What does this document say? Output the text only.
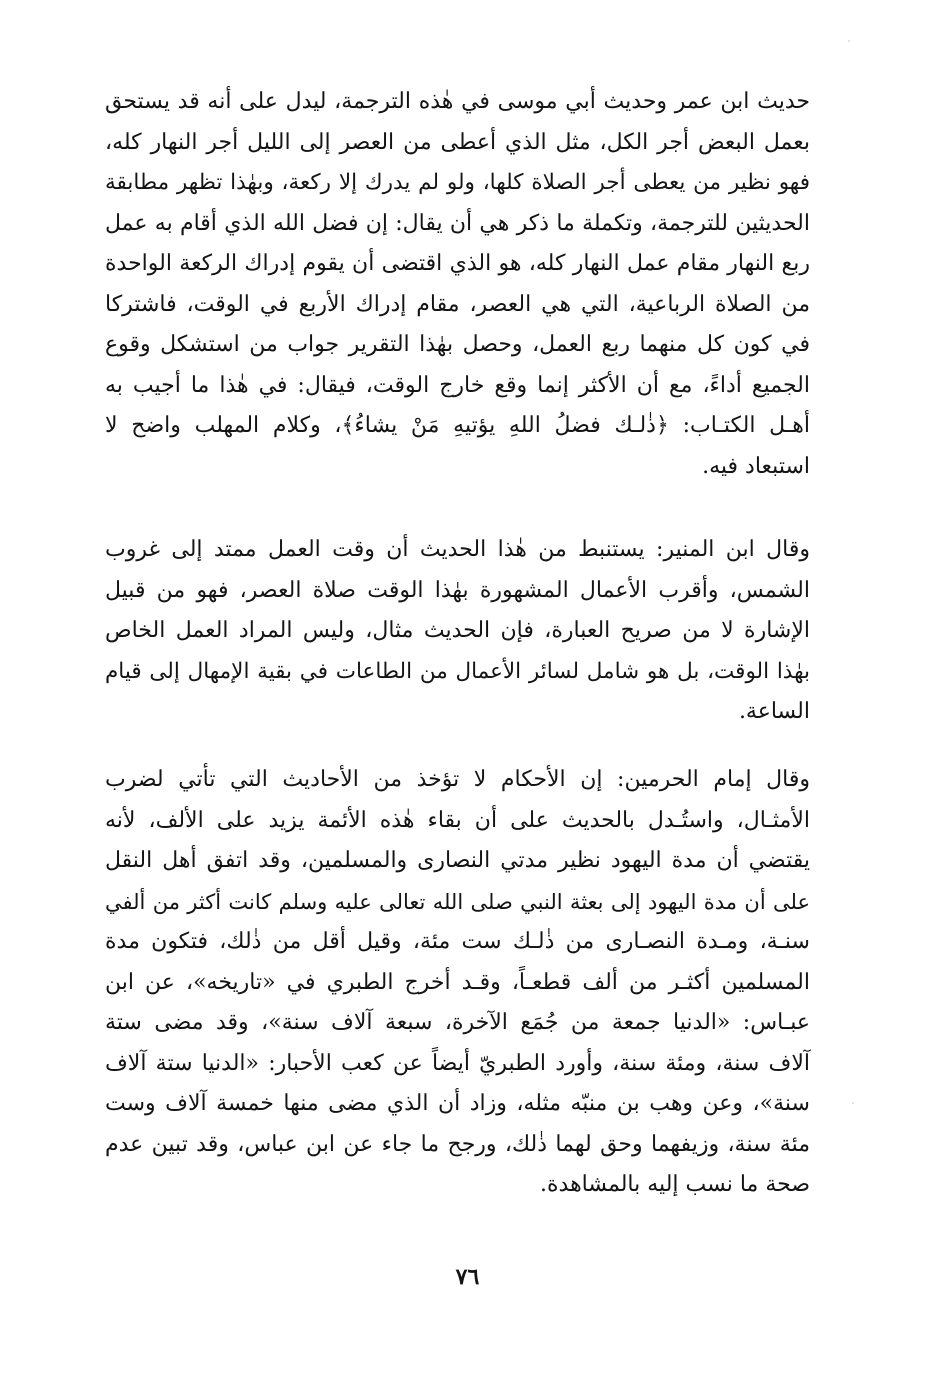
حديث ابن عمر وحديث أبي موسى في هٰذه الترجمة، ليدل على أنه قد يستحق
بعمل البعض أجر الكل، مثل الذي أعطى من العصر إلى الليل أجر النهار كله،
فهو نظير من يعطى أجر الصلاة كلها، ولو لم يدرك إلا ركعة، وبهٰذا تظهر مطابقة
الحديثين للترجمة، وتكملة ما ذكر هي أن يقال: إن فضل الله الذي أقام به عمل
ربع النهار مقام عمل النهار كله، هو الذي اقتضى أن يقوم إدراك الركعة الواحدة
من الصلاة الرباعية، التي هي العصر، مقام إدراك الأربع في الوقت، فاشتركا
في كون كل منهما ربع العمل، وحصل بهٰذا التقرير جواب من استشكل وقوع
الجميع أداءً، مع أن الأكثر إنما وقع خارج الوقت، فيقال: في هٰذا ما أجيب به
أهـل الكتـاب: ﴿ذٰلـك فضلُ اللهِ يؤتيهِ مَنْ يشاءُ﴾، وكلام المهلب واضح لا
استبعاد فيه.
وقال ابن المنير: يستنبط من هٰذا الحديث أن وقت العمل ممتد إلى غروب
الشمس، وأقرب الأعمال المشهورة بهٰذا الوقت صلاة العصر، فهو من قبيل
الإشارة لا من صريح العبارة، فإن الحديث مثال، وليس المراد العمل الخاص
بهٰذا الوقت، بل هو شامل لسائر الأعمال من الطاعات في بقية الإمهال إلى قيام
الساعة.
وقال إمام الحرمين: إن الأحكام لا تؤخذ من الأحاديث التي تأتي لضرب
الأمثـال، واستُـدل بالحديث على أن بقاء هٰذه الأئمة يزيد على الألف، لأنه
يقتضي أن مدة اليهود نظير مدتي النصارى والمسلمين، وقد اتفق أهل النقل
على أن مدة اليهود إلى بعثة النبي صلى الله تعالى عليه وسلم كانت أكثر من ألفي
سنـة، ومـدة النصـارى من ذٰلـك ست مئة، وقيل أقل من ذٰلك، فتكون مدة
المسلمين أكثـر من ألف قطعـاً، وقـد أخرج الطبري في «تاريخه»، عن ابن
عبـاس: «الدنيا جمعة من جُمَع الآخرة، سبعة آلاف سنة»، وقد مضى ستة
آلاف سنة، ومئة سنة، وأورد الطبريّ أيضاً عن كعب الأحبار: «الدنيا ستة آلاف
سنة»، وعن وهب بن منبّه مثله، وزاد أن الذي مضى منها خمسة آلاف وست
مئة سنة، وزيفهما وحق لهما ذٰلك، ورجح ما جاء عن ابن عباس، وقد تبين عدم
صحة ما نسب إليه بالمشاهدة.
٧٦
